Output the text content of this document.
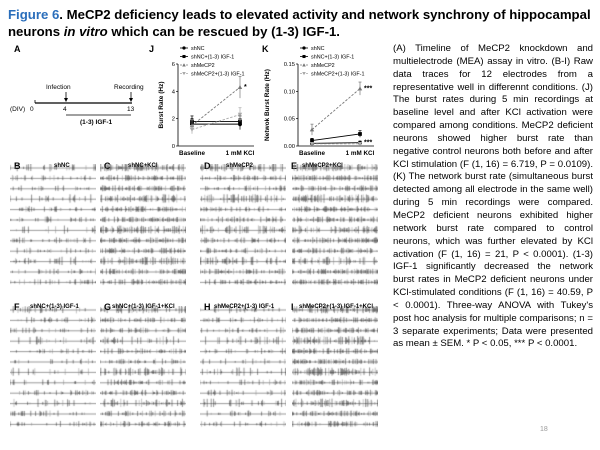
Figure 6. MeCP2 deficiency leads to elevated activity and network synchrony of hippocampal neurons in vitro which can be rescued by (1-3) IGF-1.
A
Infection	Recording
(DIV) 0	4	13
(1-3) IGF-1
J	shNC
shNC+(1-3) IGF-1
shMeCP2
shMeCP2+(1-3) IGF-1
0
2
4
6
Burst Rate (Hz)
Baseline	1 mM KCl
*
K	shNC
shNC+(1-3) IGF-1
shMeCP2
shMeCP2+(1-3) IGF-1
0.00
0.05
0.10
0.15
Netwok Burst Rate (Hz)
Baseline	1 mM KCl
***
***
(A) Timeline of MeCP2 knockdown and multielectrode (MEA) assay in vitro. (B-I) Raw data traces for 12 electrodes from a representative well in differennt conditions. (J) The burst rates during 5 min recordings at baseline level and after KCl activation were compared among conditions. MeCP2 deficient neurons showed higher burst rate than negative control neurons both before and after KCl stimulation (F (1, 16) = 6.719, P = 0.0109). (K) The network burst rate (simultaneous burst detected among all electrode in the same well) during 5 min recordings were compared. MeCP2 deficient neurons exhibited higher network burst rate compared to control neurons, which was further elevated by KCl activation (F (1, 16) = 21, P < 0.0001). (1-3) IGF-1 significantly decreased the network burst rates in MeCP2 deficient neurons under KCl-stimulated conditions (F (1, 16) = 40.59, P < 0.0001). Three-way ANOVA with Tukey's post hoc analysis for multiple comparisons; n = 3 separate experiments; Data were presented as mean ± SEM. * P < 0.05, *** P < 0.0001.
18
